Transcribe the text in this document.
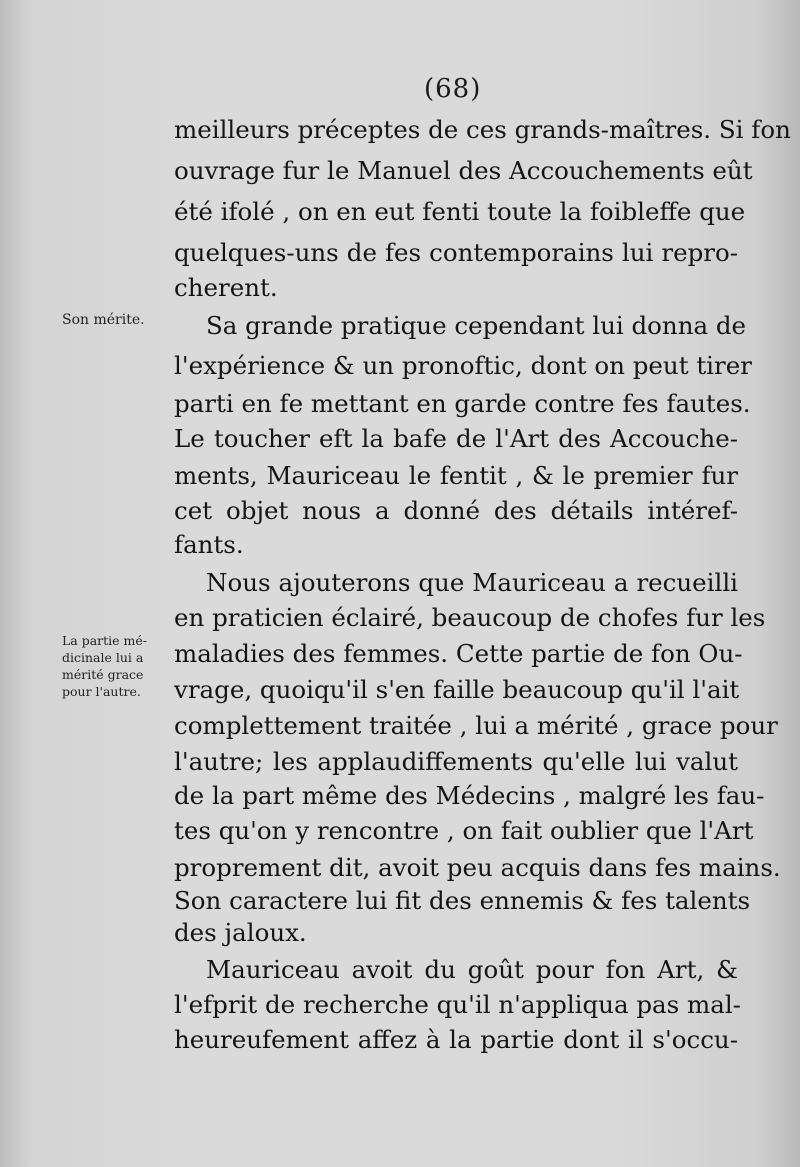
(68)
Son mérite.
La partie mé-
dicinale lui a
mérité grace
pour l'autre.
meilleurs préceptes de ces grands-maîtres. Si fon
ouvrage fur le Manuel des Accouchements eût
été ifolé , on en eut fenti toute la foibleffe que
quelques-uns de fes contemporains lui repro-
cherent.
Sa grande pratique cependant lui donna de
l'expérience & un pronoftic, dont on peut tirer
parti en fe mettant en garde contre fes fautes.
Le toucher eft la bafe de l'Art des Accouche-
ments, Mauriceau le fentit , & le premier fur
cet objet nous a donné des détails intéref-
fants.
Nous ajouterons que Mauriceau a recueilli
en praticien éclairé, beaucoup de chofes fur les
maladies des femmes. Cette partie de fon Ou-
vrage, quoiqu'il s'en faille beaucoup qu'il l'ait
complettement traitée , lui a mérité , grace pour
l'autre; les applaudiffements qu'elle lui valut
de la part même des Médecins , malgré les fau-
tes qu'on y rencontre , on fait oublier que l'Art
proprement dit, avoit peu acquis dans fes mains.
Son caractere lui fit des ennemis & fes talents
des jaloux.
Mauriceau avoit du goût pour fon Art, &
l'efprit de recherche qu'il n'appliqua pas mal-
heureufement affez à la partie dont il s'occu-
